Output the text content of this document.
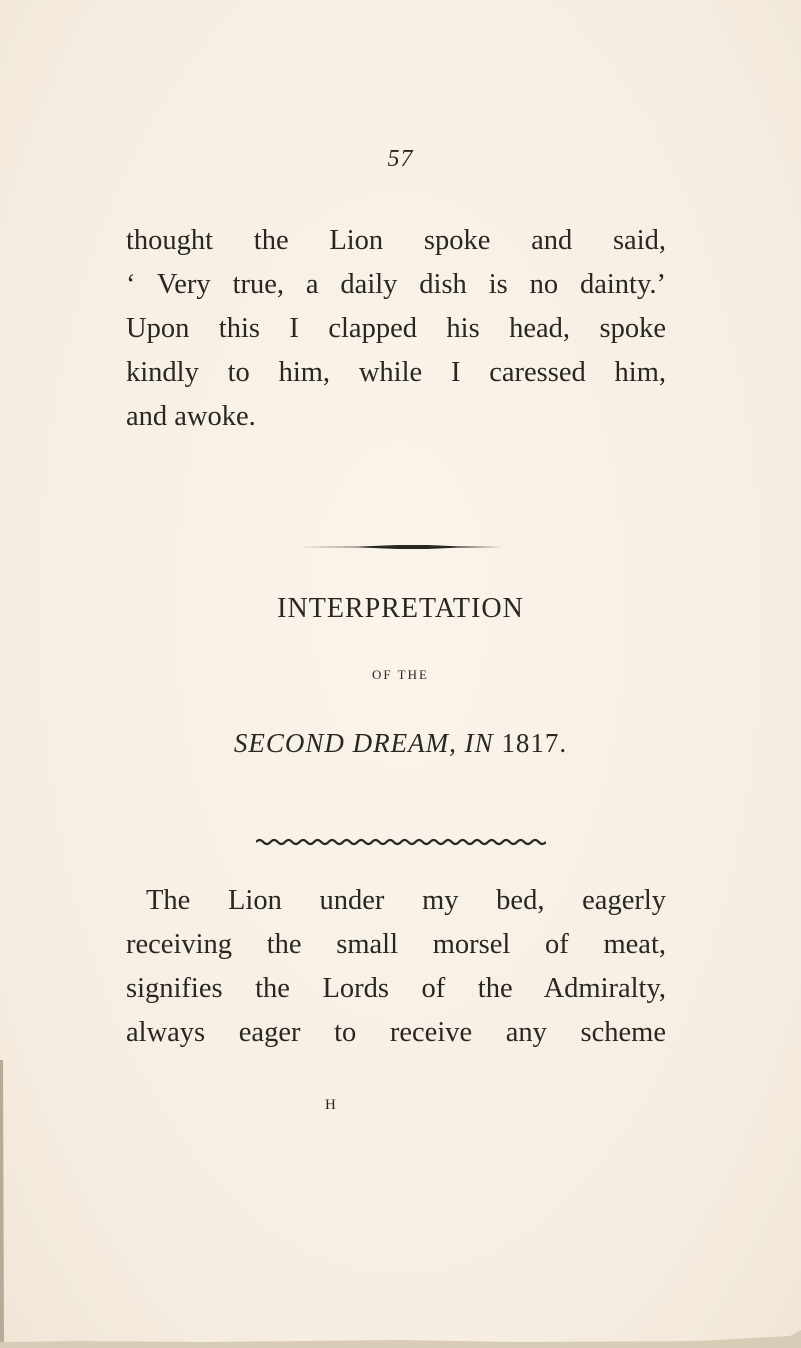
57
thought the Lion spoke and said,
‘ Very true, a daily dish is no dainty.’
Upon this I clapped his head, spoke
kindly to him, while I caressed him,
and awoke.
INTERPRETATION
OF THE
SECOND DREAM, IN 1817.
The Lion under my bed, eagerly
receiving the small morsel of meat,
signifies the Lords of the Admiralty,
always eager to receive any scheme
H
